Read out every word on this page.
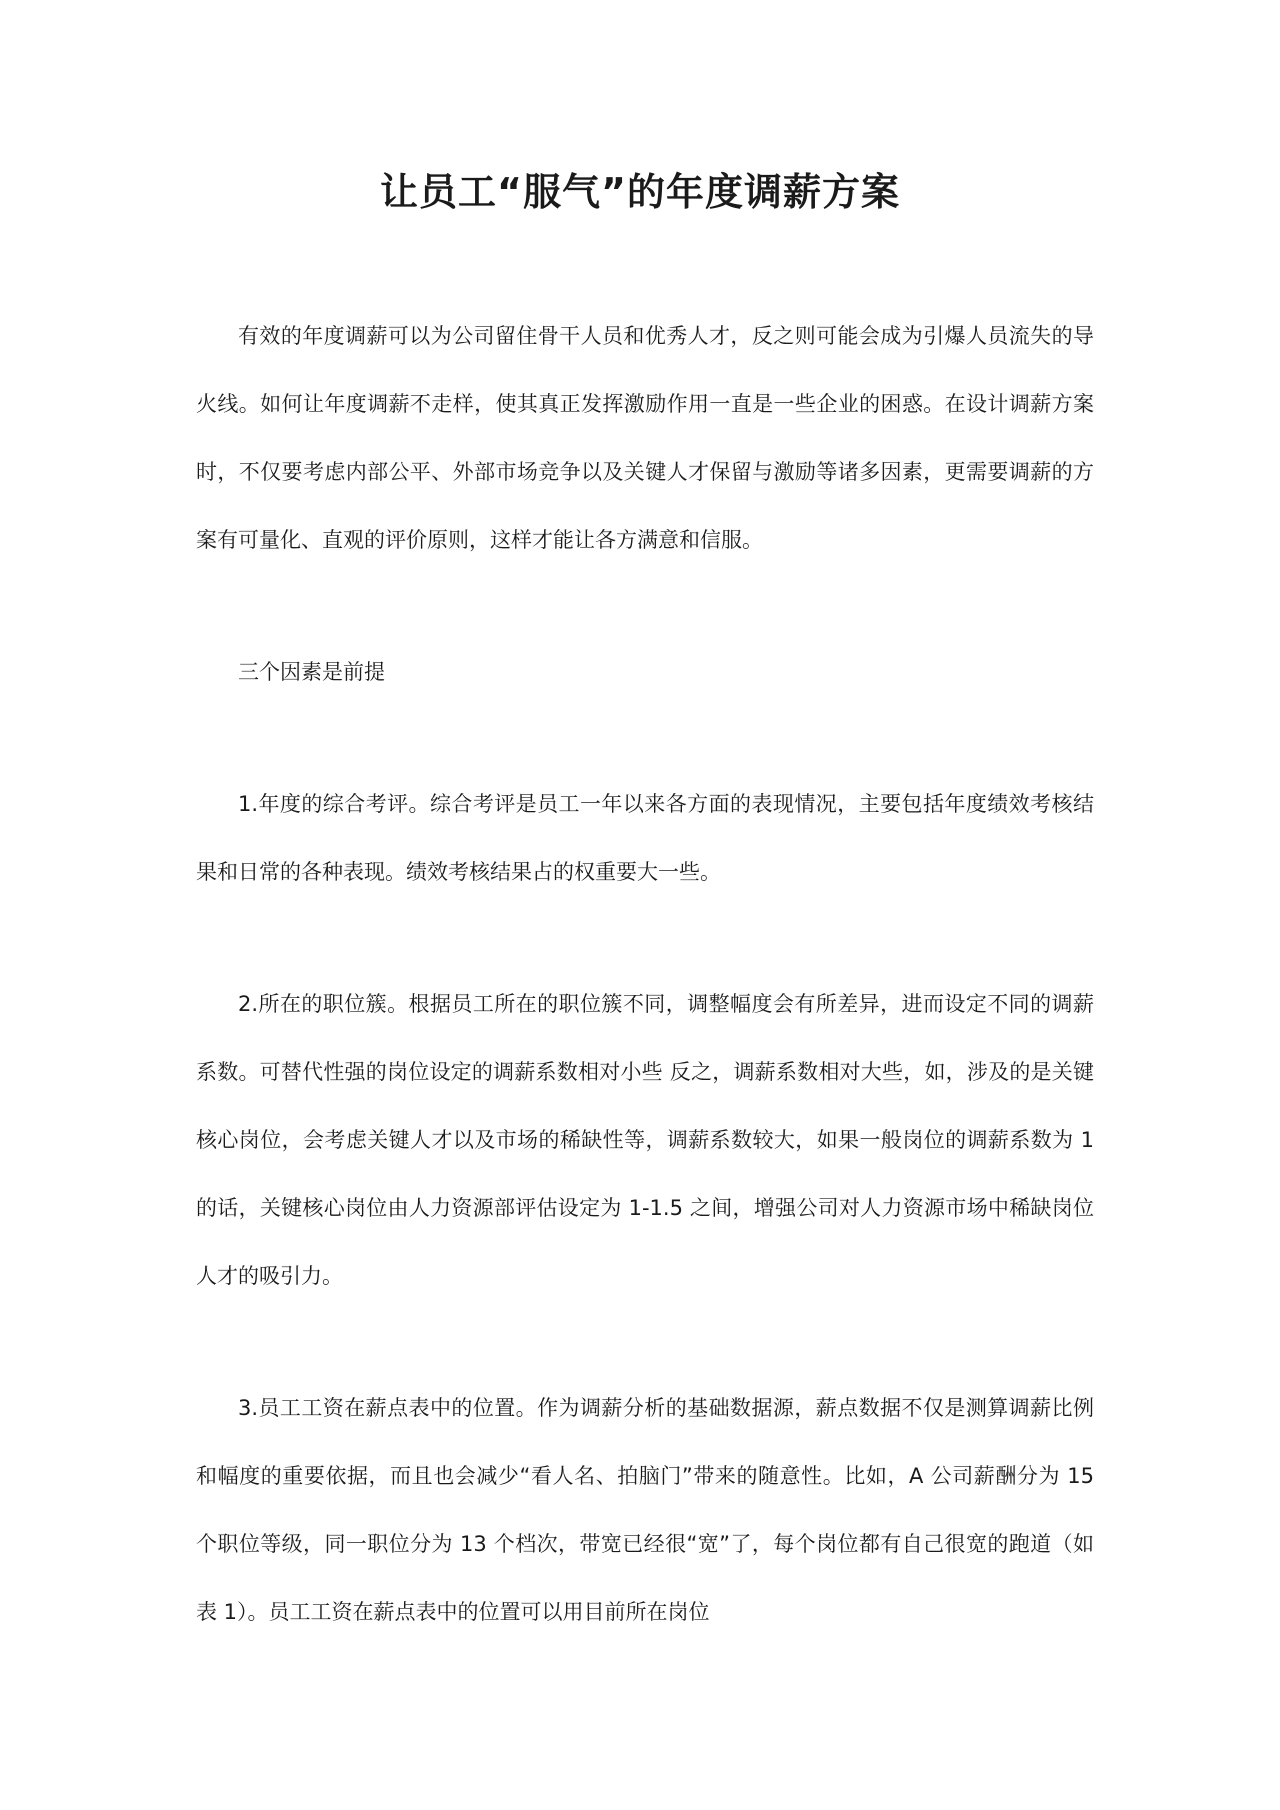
让员工“服气”的年度调薪方案

有效的年度调薪可以为公司留住骨干人员和优秀人才，反之则可能会成为引爆人员流失的导火线。如何让年度调薪不走样，使其真正发挥激励作用一直是一些企业的困惑。在设计调薪方案时，不仅要考虑内部公平、外部市场竞争以及关键人才保留与激励等诸多因素，更需要调薪的方案有可量化、直观的评价原则，这样才能让各方满意和信服。

三个因素是前提

1.年度的综合考评。综合考评是员工一年以来各方面的表现情况，主要包括年度绩效考核结果和日常的各种表现。绩效考核结果占的权重要大一些。

2.所在的职位簇。根据员工所在的职位簇不同，调整幅度会有所差异，进而设定不同的调薪系数。可替代性强的岗位设定的调薪系数相对小些 反之，调薪系数相对大些，如，涉及的是关键核心岗位，会考虑关键人才以及市场的稀缺性等，调薪系数较大，如果一般岗位的调薪系数为 1 的话，关键核心岗位由人力资源部评估设定为 1-1.5 之间，增强公司对人力资源市场中稀缺岗位人才的吸引力。

3.员工工资在薪点表中的位置。作为调薪分析的基础数据源，薪点数据不仅是测算调薪比例和幅度的重要依据，而且也会减少“看人名、拍脑门”带来的随意性。比如，A 公司薪酬分为 15 个职位等级，同一职位分为 13 个档次，带宽已经很“宽”了，每个岗位都有自己很宽的跑道（如表 1）。员工工资在薪点表中的位置可以用目前所在岗位
